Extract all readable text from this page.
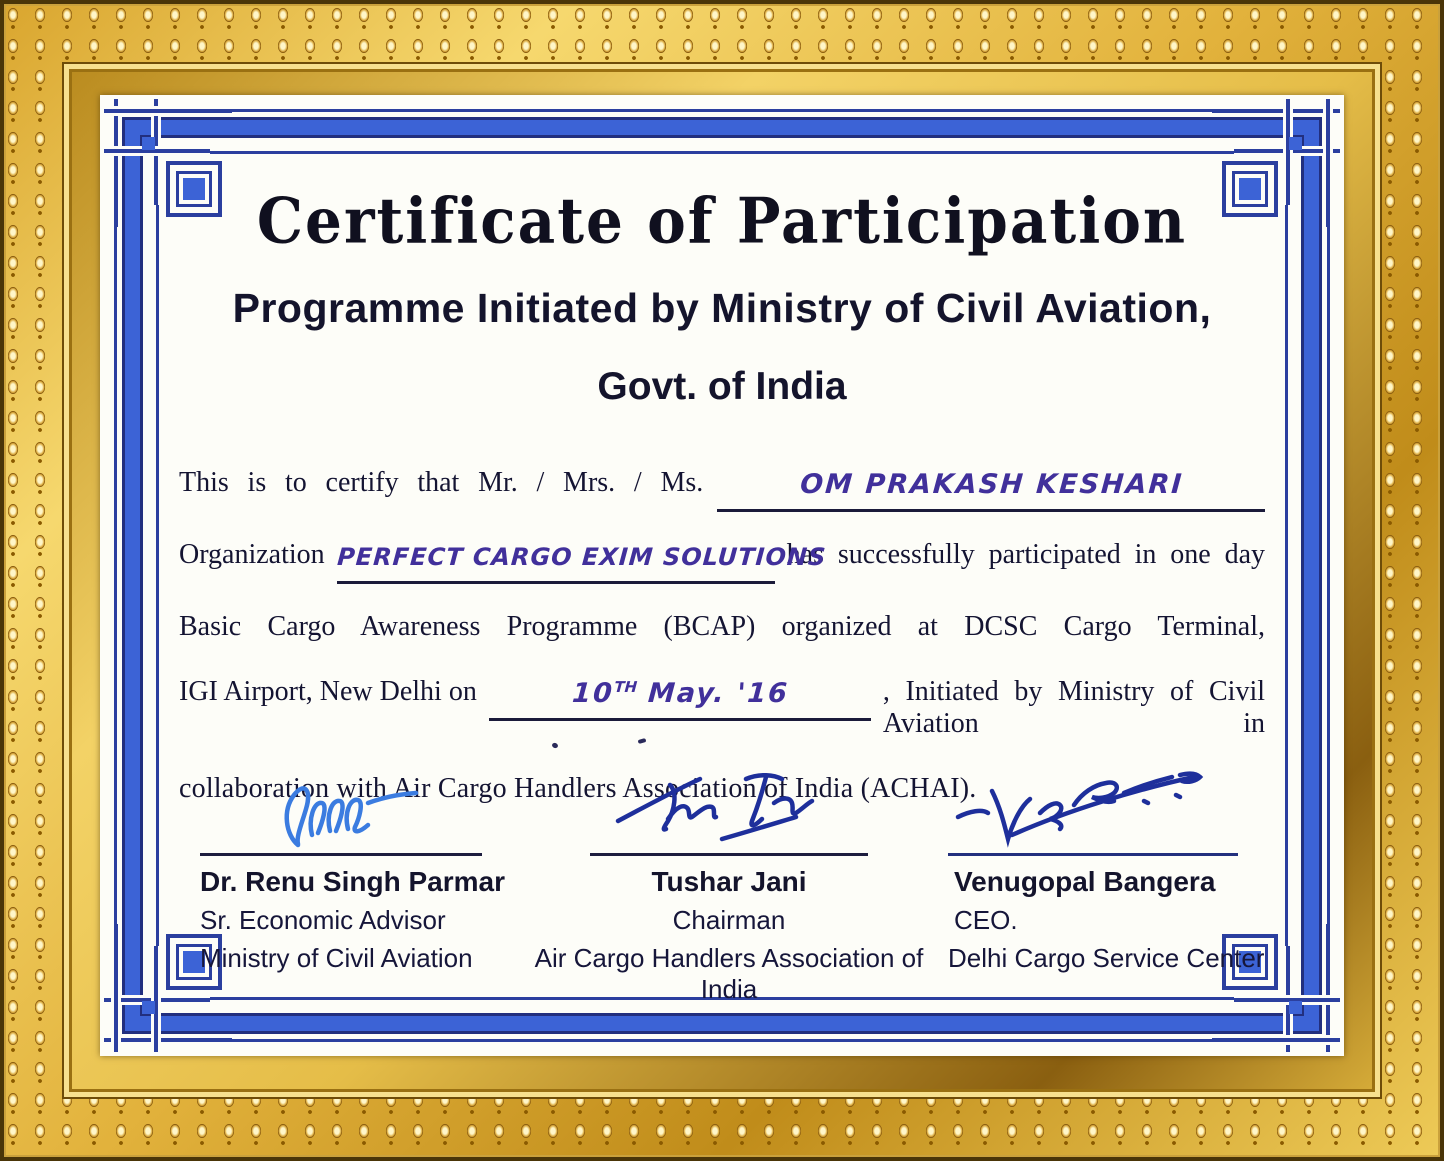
Certificate of Participation
Programme Initiated by Ministry of Civil Aviation,
Govt. of India
This is to certify that Mr. / Mrs. / Ms.	OM PRAKASH KESHARI
Organization PERFECT CARGO EXIM SOLUTIONS
has successfully participated in one day
Basic Cargo Awareness Programme (BCAP) organized at DCSC Cargo Terminal,
IGI Airport, New Delhi on	10TH May. '16	, Initiated by Ministry of Civil Aviation in
collaboration with Air Cargo Handlers Association of India (ACHAI).
Dr. Renu Singh Parmar
Sr. Economic Advisor
Ministry of Civil Aviation
Tushar Jani
Chairman
Air Cargo Handlers Association of India
Venugopal Bangera
CEO.
Delhi Cargo Service Center
